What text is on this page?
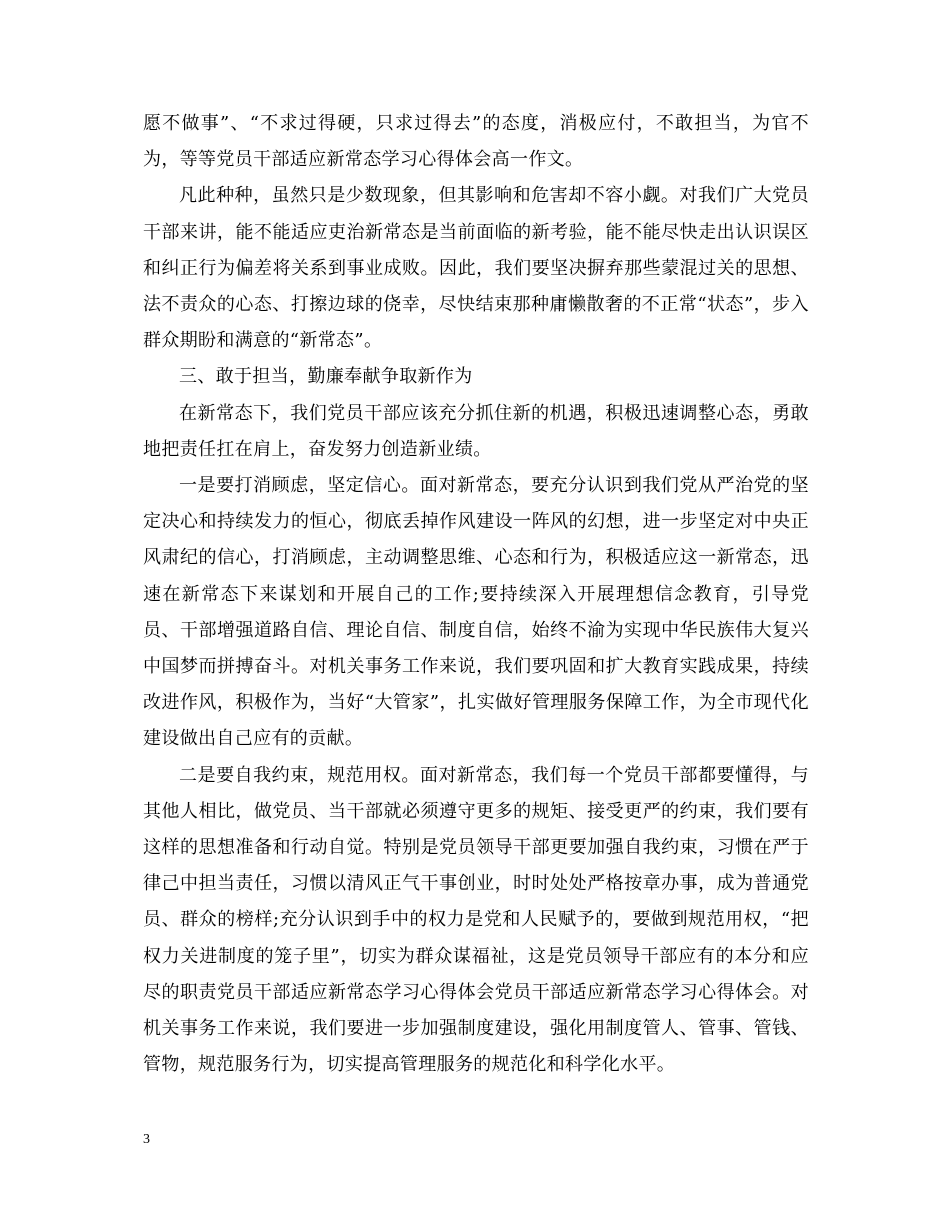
愿不做事”、“不求过得硬，只求过得去”的态度，消极应付，不敢担当，为官不为，等等党员干部适应新常态学习心得体会高一作文。

凡此种种，虽然只是少数现象，但其影响和危害却不容小觑。对我们广大党员干部来讲，能不能适应吏治新常态是当前面临的新考验，能不能尽快走出认识误区和纠正行为偏差将关系到事业成败。因此，我们要坚决摒弃那些蒙混过关的思想、法不责众的心态、打擦边球的侥幸，尽快结束那种庸懒散奢的不正常“状态”，步入群众期盼和满意的“新常态”。

三、敢于担当，勤廉奉献争取新作为

在新常态下，我们党员干部应该充分抓住新的机遇，积极迅速调整心态，勇敢地把责任扛在肩上，奋发努力创造新业绩。

一是要打消顾虑，坚定信心。面对新常态，要充分认识到我们党从严治党的坚定决心和持续发力的恒心，彻底丢掉作风建设一阵风的幻想，进一步坚定对中央正风肃纪的信心，打消顾虑，主动调整思维、心态和行为，积极适应这一新常态，迅速在新常态下来谋划和开展自己的工作;要持续深入开展理想信念教育，引导党员、干部增强道路自信、理论自信、制度自信，始终不渝为实现中华民族伟大复兴中国梦而拼搏奋斗。对机关事务工作来说，我们要巩固和扩大教育实践成果，持续改进作风，积极作为，当好“大管家”，扎实做好管理服务保障工作，为全市现代化建设做出自己应有的贡献。

二是要自我约束，规范用权。面对新常态，我们每一个党员干部都要懂得，与其他人相比，做党员、当干部就必须遵守更多的规矩、接受更严的约束，我们要有这样的思想准备和行动自觉。特别是党员领导干部更要加强自我约束，习惯在严于律己中担当责任，习惯以清风正气干事创业，时时处处严格按章办事，成为普通党员、群众的榜样;充分认识到手中的权力是党和人民赋予的，要做到规范用权，“把权力关进制度的笼子里”，切实为群众谋福祉，这是党员领导干部应有的本分和应尽的职责党员干部适应新常态学习心得体会党员干部适应新常态学习心得体会。对机关事务工作来说，我们要进一步加强制度建设，强化用制度管人、管事、管钱、管物，规范服务行为，切实提高管理服务的规范化和科学化水平。

3
